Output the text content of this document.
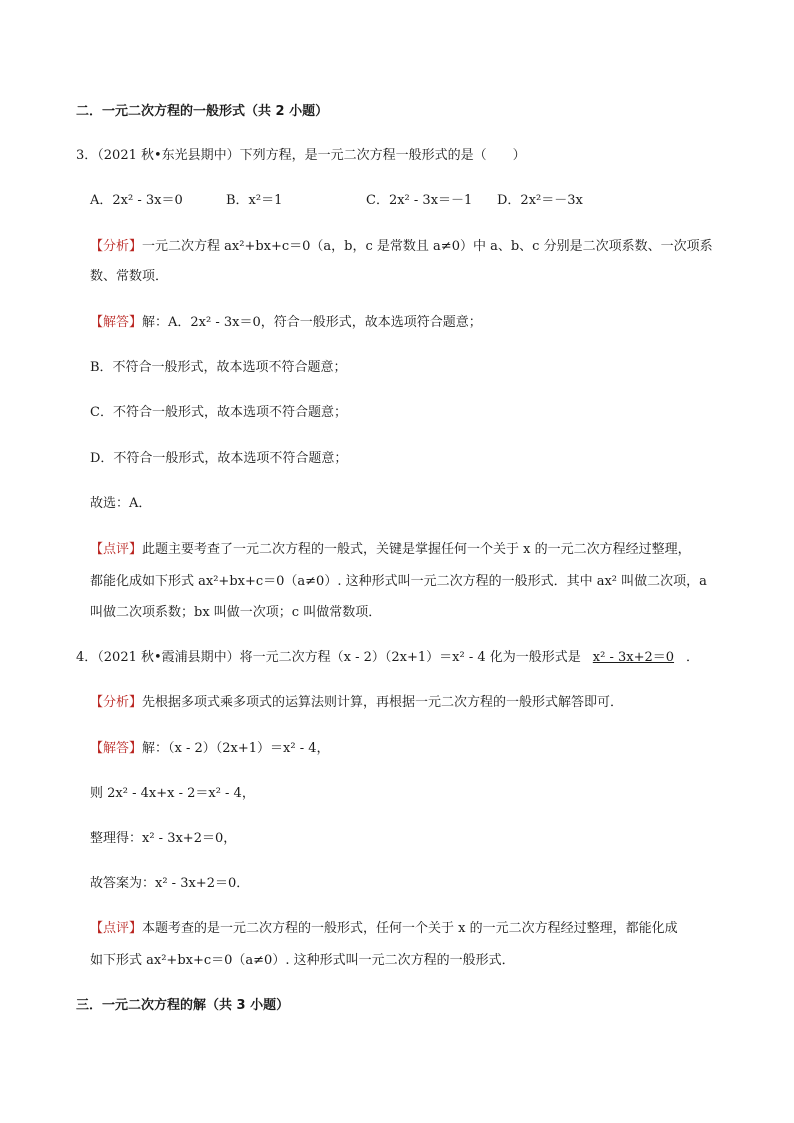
二．一元二次方程的一般形式（共 2 小题）
3．（2021 秋•东光县期中）下列方程，是一元二次方程一般形式的是（　　）
A．2x² - 3x＝0	B．x²＝1	C．2x² - 3x＝－1 D．2x²＝－3x
【分析】一元二次方程 ax²+bx+c＝0（a，b，c 是常数且 a≠0）中 a、b、c 分别是二次项系数、一次项系
数、常数项．
【解答】解：A．2x² - 3x＝0，符合一般形式，故本选项符合题意；
B．不符合一般形式，故本选项不符合题意；
C．不符合一般形式，故本选项不符合题意；
D．不符合一般形式，故本选项不符合题意；
故选：A．
【点评】此题主要考查了一元二次方程的一般式，关键是掌握任何一个关于 x 的一元二次方程经过整理，
都能化成如下形式 ax²+bx+c＝0（a≠0）. 这种形式叫一元二次方程的一般形式．其中 ax² 叫做二次项，a
叫做二次项系数；bx 叫做一次项；c 叫做常数项．
4．（2021 秋•霞浦县期中）将一元二次方程（x - 2）（2x+1）＝x² - 4 化为一般形式是 x² - 3x+2＝0 ．
【分析】先根据多项式乘多项式的运算法则计算，再根据一元二次方程的一般形式解答即可．
【解答】解：（x - 2）（2x+1）＝x² - 4，
则 2x² - 4x+x - 2＝x² - 4，
整理得：x² - 3x+2＝0，
故答案为：x² - 3x+2＝0．
【点评】本题考查的是一元二次方程的一般形式，任何一个关于 x 的一元二次方程经过整理，都能化成
如下形式 ax²+bx+c＝0（a≠0）. 这种形式叫一元二次方程的一般形式．
三．一元二次方程的解（共 3 小题）
